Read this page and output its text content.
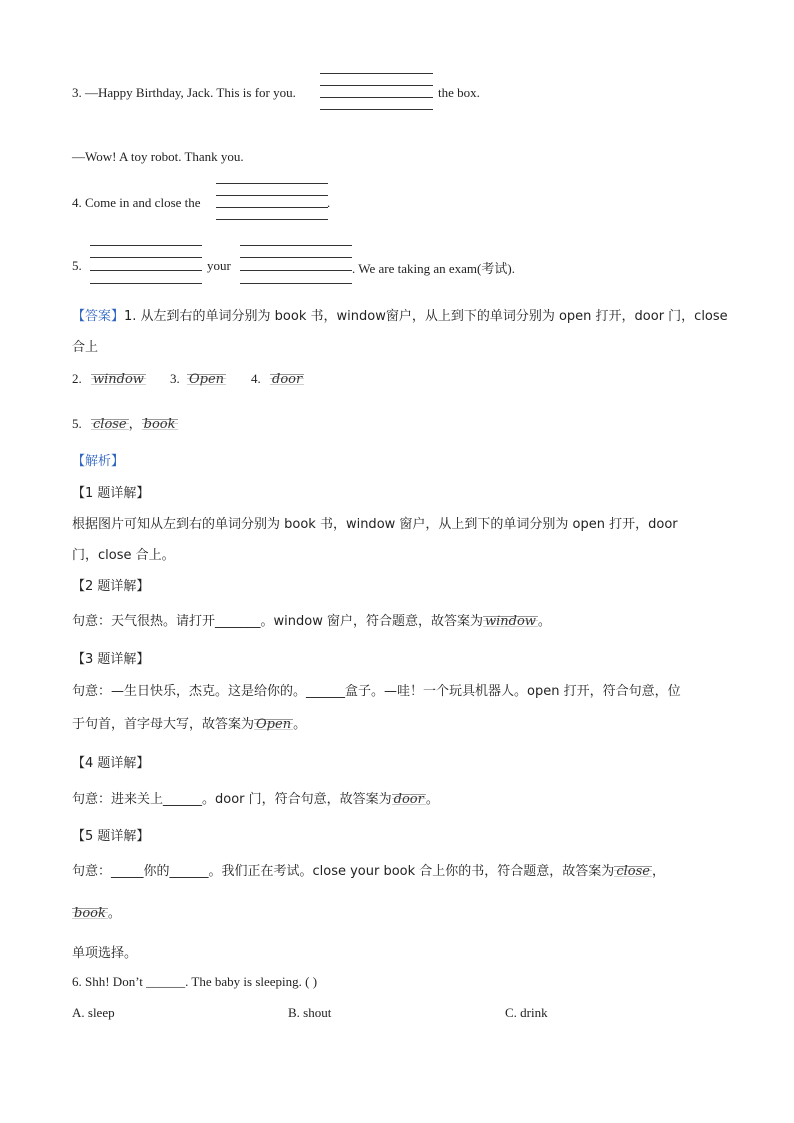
3. —Happy Birthday, Jack. This is for you.	the box.
—Wow! A toy robot. Thank you.
4. Come in and close the	.
5.	your	. We are taking an exam(考试).
【答案】1. 从左到右的单词分别为 book 书，window窗户，从上到下的单词分别为 open 打开，door 门，close
合上
2. window 3. Open 4. door
5. close ， book
【解析】
【1 题详解】
根据图片可知从左到右的单词分别为 book 书，window 窗户，从上到下的单词分别为 open 打开，door
门，close 合上。
【2 题详解】
句意：天气很热。请打开_______。window 窗户，符合题意，故答案为 window 。
【3 题详解】
句意：—生日快乐，杰克。这是给你的。______盒子。—哇！一个玩具机器人。open 打开，符合句意，位
于句首，首字母大写，故答案为 Open 。
【4 题详解】
句意：进来关上______。door 门，符合句意，故答案为 door 。
【5 题详解】
句意：_____你的______。我们正在考试。close your book 合上你的书，符合题意，故答案为 close ，
book 。
单项选择。
6. Shh! Don’t ______. The baby is sleeping. ( )
A. sleep	B. shout	C. drink
